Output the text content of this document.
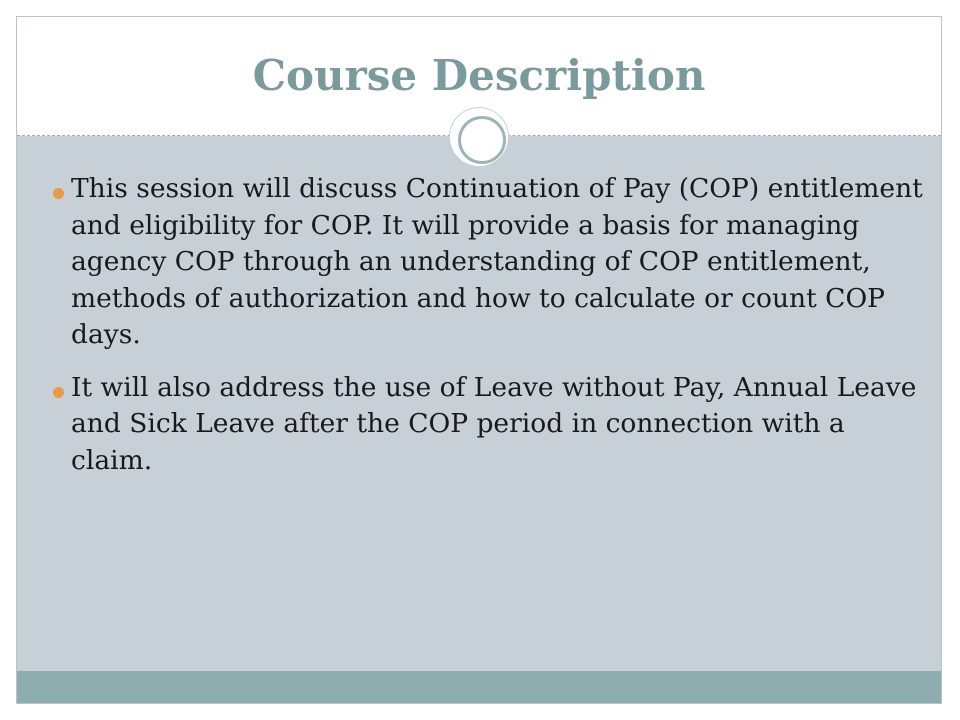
Course Description
This session will discuss Continuation of Pay (COP) entitlement and eligibility for COP. It will provide a basis for managing agency COP through an understanding of COP entitlement, methods of authorization and how to calculate or count COP days.
It will also address the use of Leave without Pay, Annual Leave and Sick Leave after the COP period in connection with a claim.
